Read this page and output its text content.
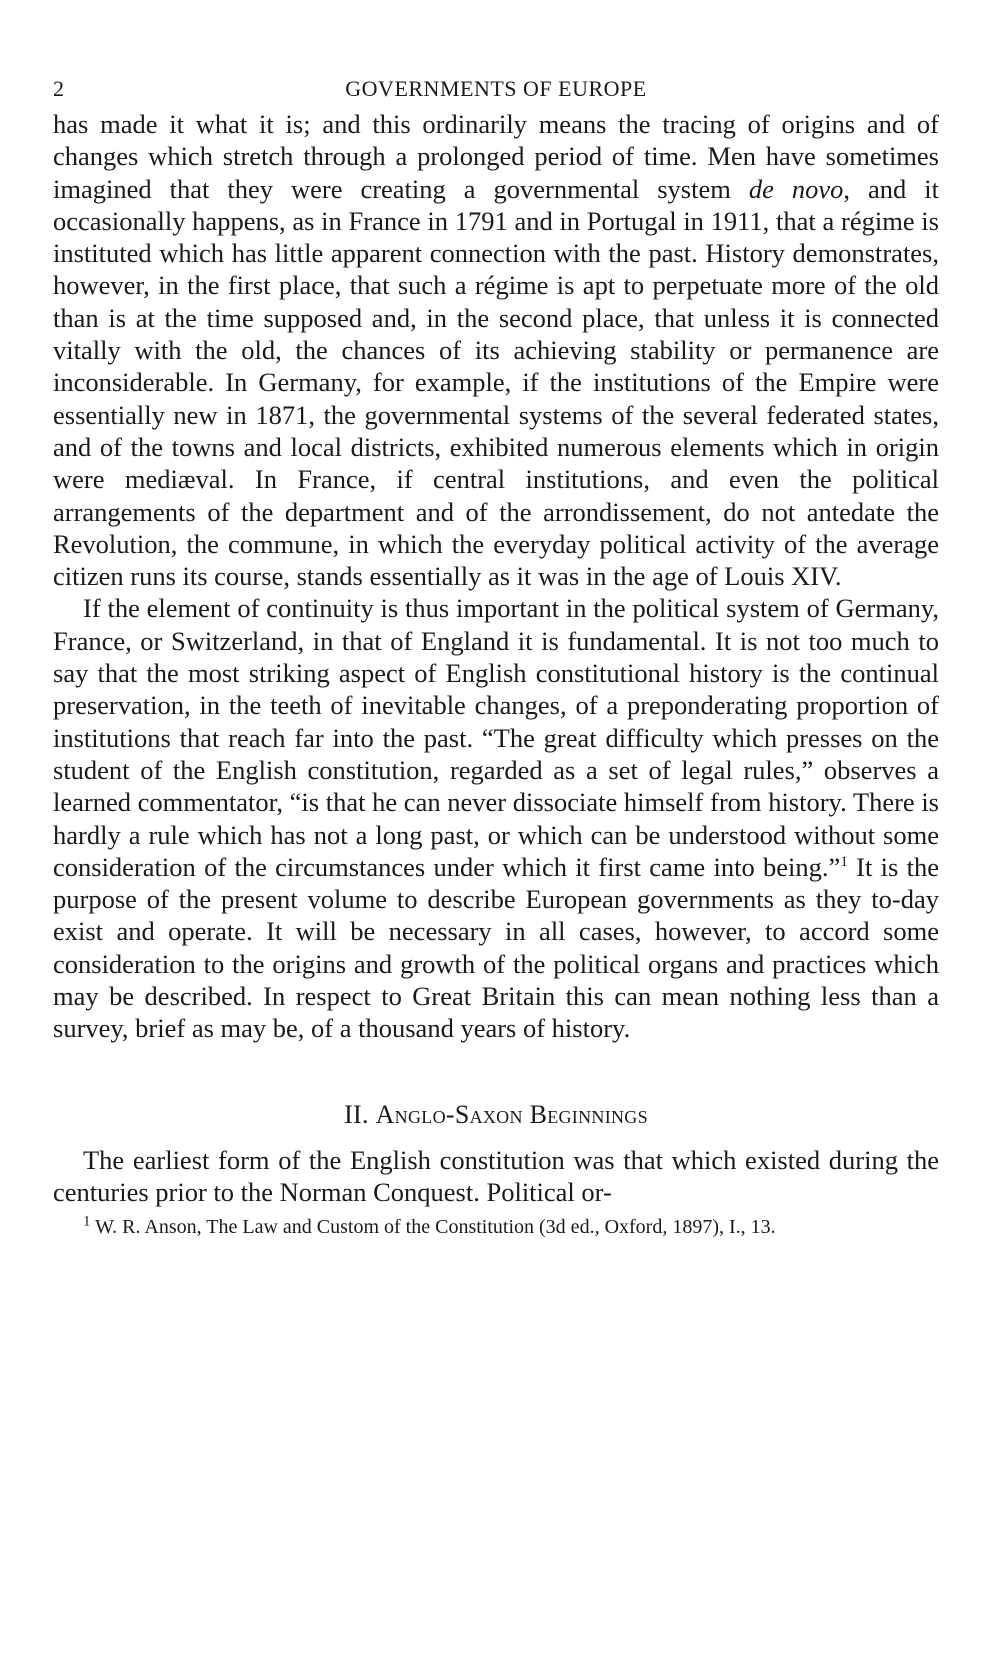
2	GOVERNMENTS OF EUROPE

has made it what it is; and this ordinarily means the tracing of origins and of changes which stretch through a prolonged period of time. Men have sometimes imagined that they were creating a governmental system de novo, and it occasionally happens, as in France in 1791 and in Portugal in 1911, that a régime is instituted which has little apparent connection with the past. History demonstrates, however, in the first place, that such a régime is apt to perpetuate more of the old than is at the time supposed and, in the second place, that unless it is connected vitally with the old, the chances of its achieving stability or permanence are inconsiderable. In Germany, for example, if the institutions of the Empire were essentially new in 1871, the governmental systems of the several federated states, and of the towns and local districts, exhibited numerous elements which in origin were mediæval. In France, if central institutions, and even the political arrangements of the department and of the arrondissement, do not antedate the Revolution, the commune, in which the everyday political activity of the average citizen runs its course, stands essentially as it was in the age of Louis XIV.

If the element of continuity is thus important in the political system of Germany, France, or Switzerland, in that of England it is fundamental. It is not too much to say that the most striking aspect of English constitutional history is the continual preservation, in the teeth of inevitable changes, of a preponderating proportion of institutions that reach far into the past. “The great difficulty which presses on the student of the English constitution, regarded as a set of legal rules,” observes a learned commentator, “is that he can never dissociate himself from history. There is hardly a rule which has not a long past, or which can be understood without some consideration of the circumstances under which it first came into being.”$^1$ It is the purpose of the present volume to describe European governments as they to-day exist and operate. It will be necessary in all cases, however, to accord some consideration to the origins and growth of the political organs and practices which may be described. In respect to Great Britain this can mean nothing less than a survey, brief as may be, of a thousand years of history.

II. Anglo-Saxon Beginnings

The earliest form of the English constitution was that which existed during the centuries prior to the Norman Conquest. Political or-

$^1$ W. R. Anson, The Law and Custom of the Constitution (3d ed., Oxford, 1897), I., 13.
